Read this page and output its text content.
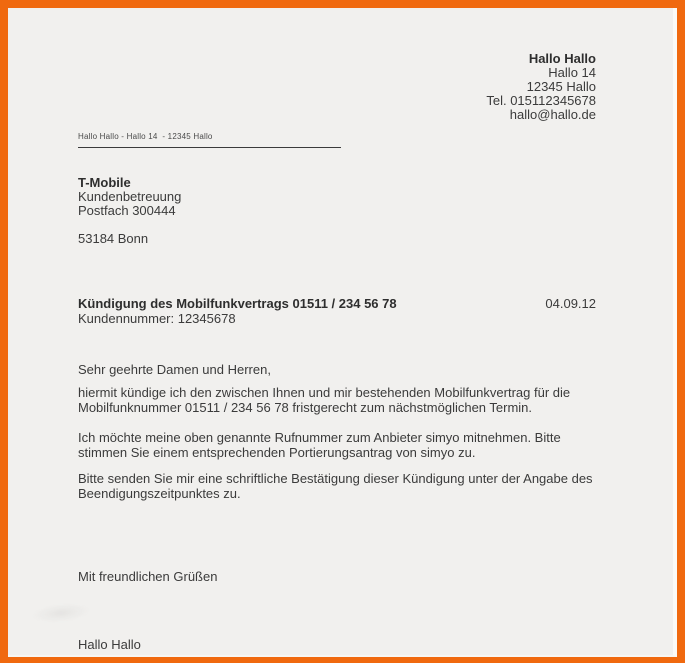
Hallo Hallo
Hallo 14
12345 Hallo
Tel. 015112345678
hallo@hallo.de
Hallo Hallo - Hallo 14  - 12345 Hallo
T-Mobile
Kundenbetreuung
Postfach 300444
53184 Bonn
Kündigung des Mobilfunkvertrags 01511 / 234 56 78	04.09.12
Kundennummer: 12345678
Sehr geehrte Damen und Herren,
hiermit kündige ich den zwischen Ihnen und mir bestehenden Mobilfunkvertrag für die Mobilfunknummer 01511 / 234 56 78 fristgerecht zum nächstmöglichen Termin.
Ich möchte meine oben genannte Rufnummer zum Anbieter simyo mitnehmen. Bitte stimmen Sie einem entsprechenden Portierungsantrag von simyo zu.
Bitte senden Sie mir eine schriftliche Bestätigung dieser Kündigung unter der Angabe des Beendigungszeitpunktes zu.
Mit freundlichen Grüßen
Hallo Hallo
